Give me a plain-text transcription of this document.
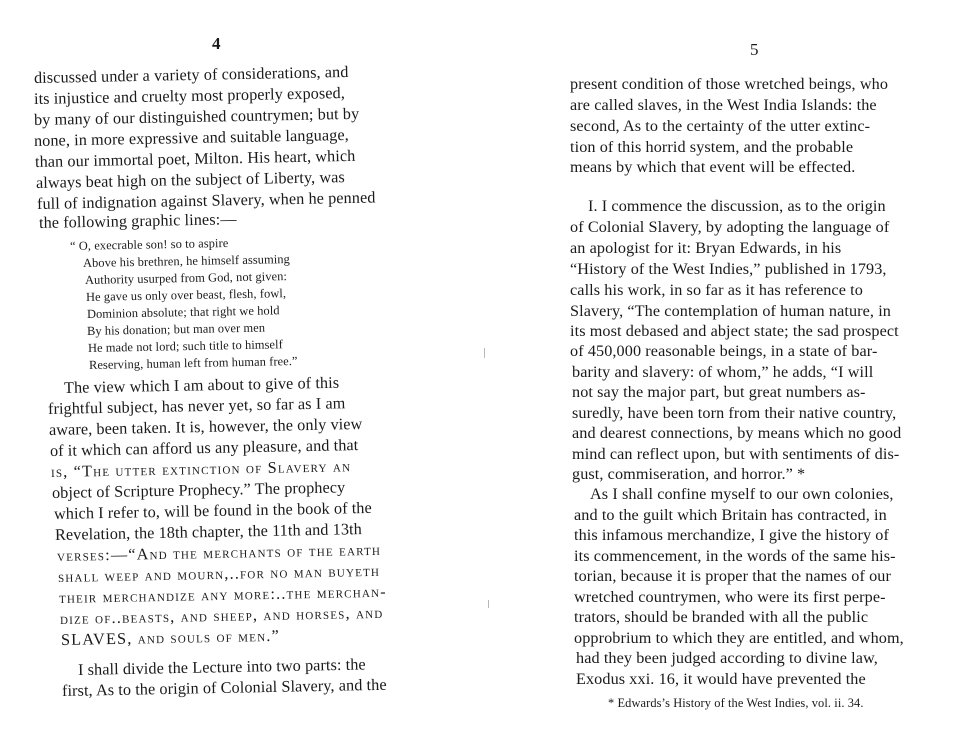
4
discussed under a variety of considerations, and
its injustice and cruelty most properly exposed,
by many of our distinguished countrymen; but by
none, in more expressive and suitable language,
than our immortal poet, Milton. His heart, which
always beat high on the subject of Liberty, was
full of indignation against Slavery, when he penned
the following graphic lines:—
“ O, execrable son! so to aspire
Above his brethren, he himself assuming
Authority usurped from God, not given:
He gave us only over beast, flesh, fowl,
Dominion absolute; that right we hold
By his donation; but man over men
He made not lord; such title to himself
Reserving, human left from human free.”
The view which I am about to give of this
frightful subject, has never yet, so far as I am
aware, been taken. It is, however, the only view
of it which can afford us any pleasure, and that
is, “The utter extinction of Slavery an
object of Scripture Prophecy.” The prophecy
which I refer to, will be found in the book of the
Revelation, the 18th chapter, the 11th and 13th
verses:—“And the merchants of the earth
shall weep and mourn,..for no man buyeth
their merchandize any more:..the merchan-
dize of..beasts, and sheep, and horses, and
SLAVES, and souls of men.”
I shall divide the Lecture into two parts: the
first, As to the origin of Colonial Slavery, and the
5
present condition of those wretched beings, who
are called slaves, in the West India Islands: the
second, As to the certainty of the utter extinc-
tion of this horrid system, and the probable
means by which that event will be effected.
I. I commence the discussion, as to the origin
of Colonial Slavery, by adopting the language of
an apologist for it: Bryan Edwards, in his
“History of the West Indies,” published in 1793,
calls his work, in so far as it has reference to
Slavery, “The contemplation of human nature, in
its most debased and abject state; the sad prospect
of 450,000 reasonable beings, in a state of bar-
barity and slavery: of whom,” he adds, “I will
not say the major part, but great numbers as-
suredly, have been torn from their native country,
and dearest connections, by means which no good
mind can reflect upon, but with sentiments of dis-
gust, commiseration, and horror.” *
As I shall confine myself to our own colonies,
and to the guilt which Britain has contracted, in
this infamous merchandize, I give the history of
its commencement, in the words of the same his-
torian, because it is proper that the names of our
wretched countrymen, who were its first perpe-
trators, should be branded with all the public
opprobrium to which they are entitled, and whom,
had they been judged according to divine law,
Exodus xxi. 16, it would have prevented the
* Edwards’s History of the West Indies, vol. ii. 34.
